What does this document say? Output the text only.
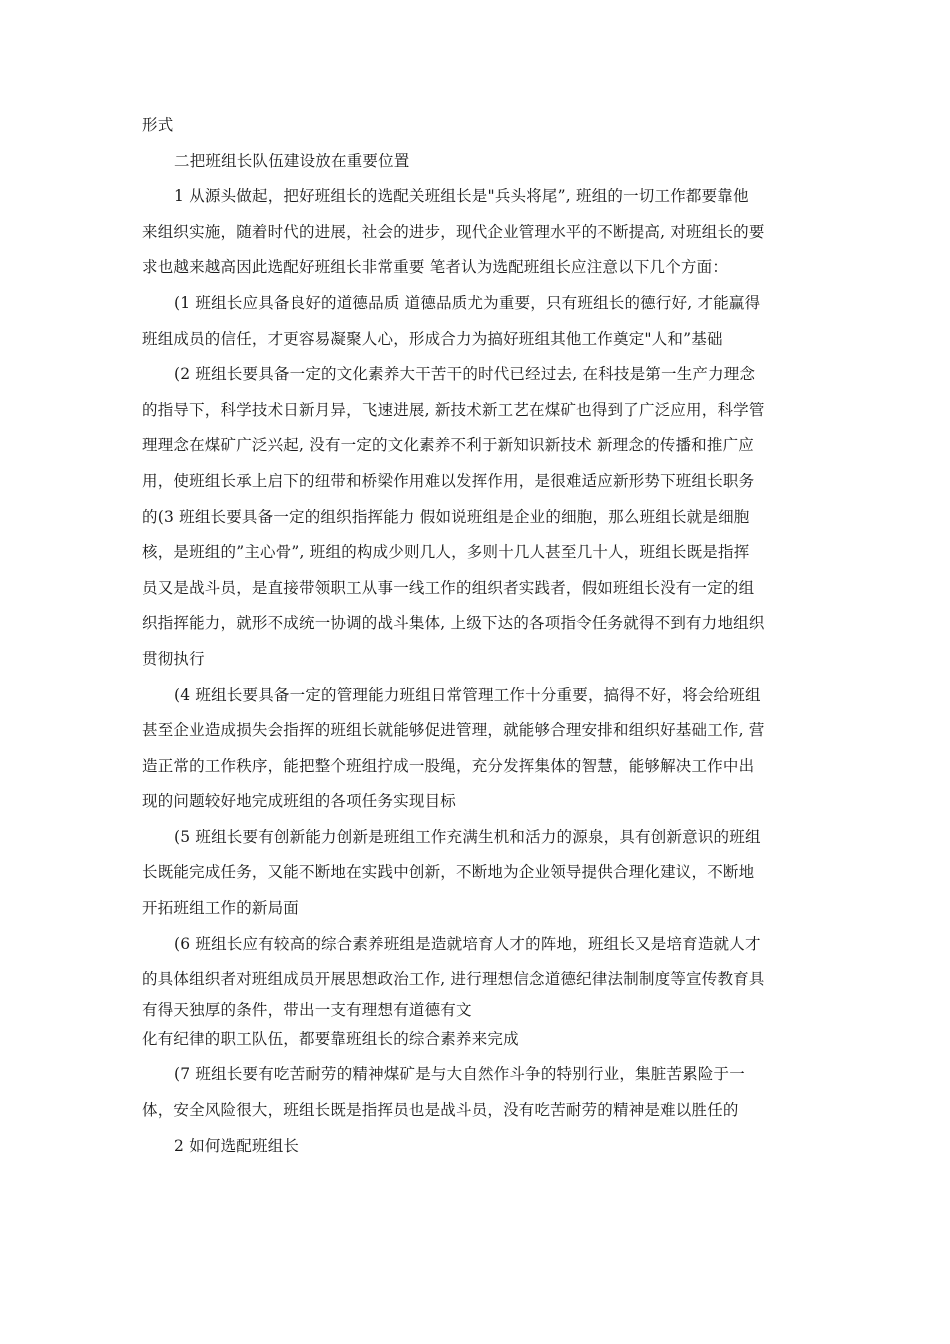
形式
二把班组长队伍建设放在重要位置
1 从源头做起，把好班组长的选配关班组长是"兵头将尾”, 班组的一切工作都要靠他
来组织实施，随着时代的进展，社会的进步，现代企业管理水平的不断提高, 对班组长的要
求也越来越高因此选配好班组长非常重要 笔者认为选配班组长应注意以下几个方面：
(1 班组长应具备良好的道德品质 道德品质尤为重要，只有班组长的德行好, 才能赢得
班组成员的信任，才更容易凝聚人心，形成合力为搞好班组其他工作奠定"人和”基础
(2 班组长要具备一定的文化素养大干苦干的时代已经过去, 在科技是第一生产力理念
的指导下，科学技术日新月异，飞速进展, 新技术新工艺在煤矿也得到了广泛应用，科学管
理理念在煤矿广泛兴起, 没有一定的文化素养不利于新知识新技术 新理念的传播和推广应
用，使班组长承上启下的纽带和桥梁作用难以发挥作用，是很难适应新形势下班组长职务
的(3 班组长要具备一定的组织指挥能力 假如说班组是企业的细胞，那么班组长就是细胞
核，是班组的”主心骨”, 班组的构成少则几人，多则十几人甚至几十人，班组长既是指挥
员又是战斗员，是直接带领职工从事一线工作的组织者实践者，假如班组长没有一定的组
织指挥能力，就形不成统一协调的战斗集体, 上级下达的各项指令任务就得不到有力地组织
贯彻执行
(4 班组长要具备一定的管理能力班组日常管理工作十分重要，搞得不好，将会给班组
甚至企业造成损失会指挥的班组长就能够促进管理，就能够合理安排和组织好基础工作, 营
造正常的工作秩序，能把整个班组拧成一股绳，充分发挥集体的智慧，能够解决工作中出
现的问题较好地完成班组的各项任务实现目标
(5 班组长要有创新能力创新是班组工作充满生机和活力的源泉，具有创新意识的班组
长既能完成任务，又能不断地在实践中创新，不断地为企业领导提供合理化建议，不断地
开拓班组工作的新局面
(6 班组长应有较高的综合素养班组是造就培育人才的阵地，班组长又是培育造就人才
的具体组织者对班组成员开展思想政治工作, 进行理想信念道德纪律法制制度等宣传教育具
有得天独厚的条件，带出一支有理想有道德有文
化有纪律的职工队伍，都要靠班组长的综合素养来完成
(7 班组长要有吃苦耐劳的精神煤矿是与大自然作斗争的特别行业，集脏苦累险于一
体，安全风险很大，班组长既是指挥员也是战斗员，没有吃苦耐劳的精神是难以胜任的
2 如何选配班组长
